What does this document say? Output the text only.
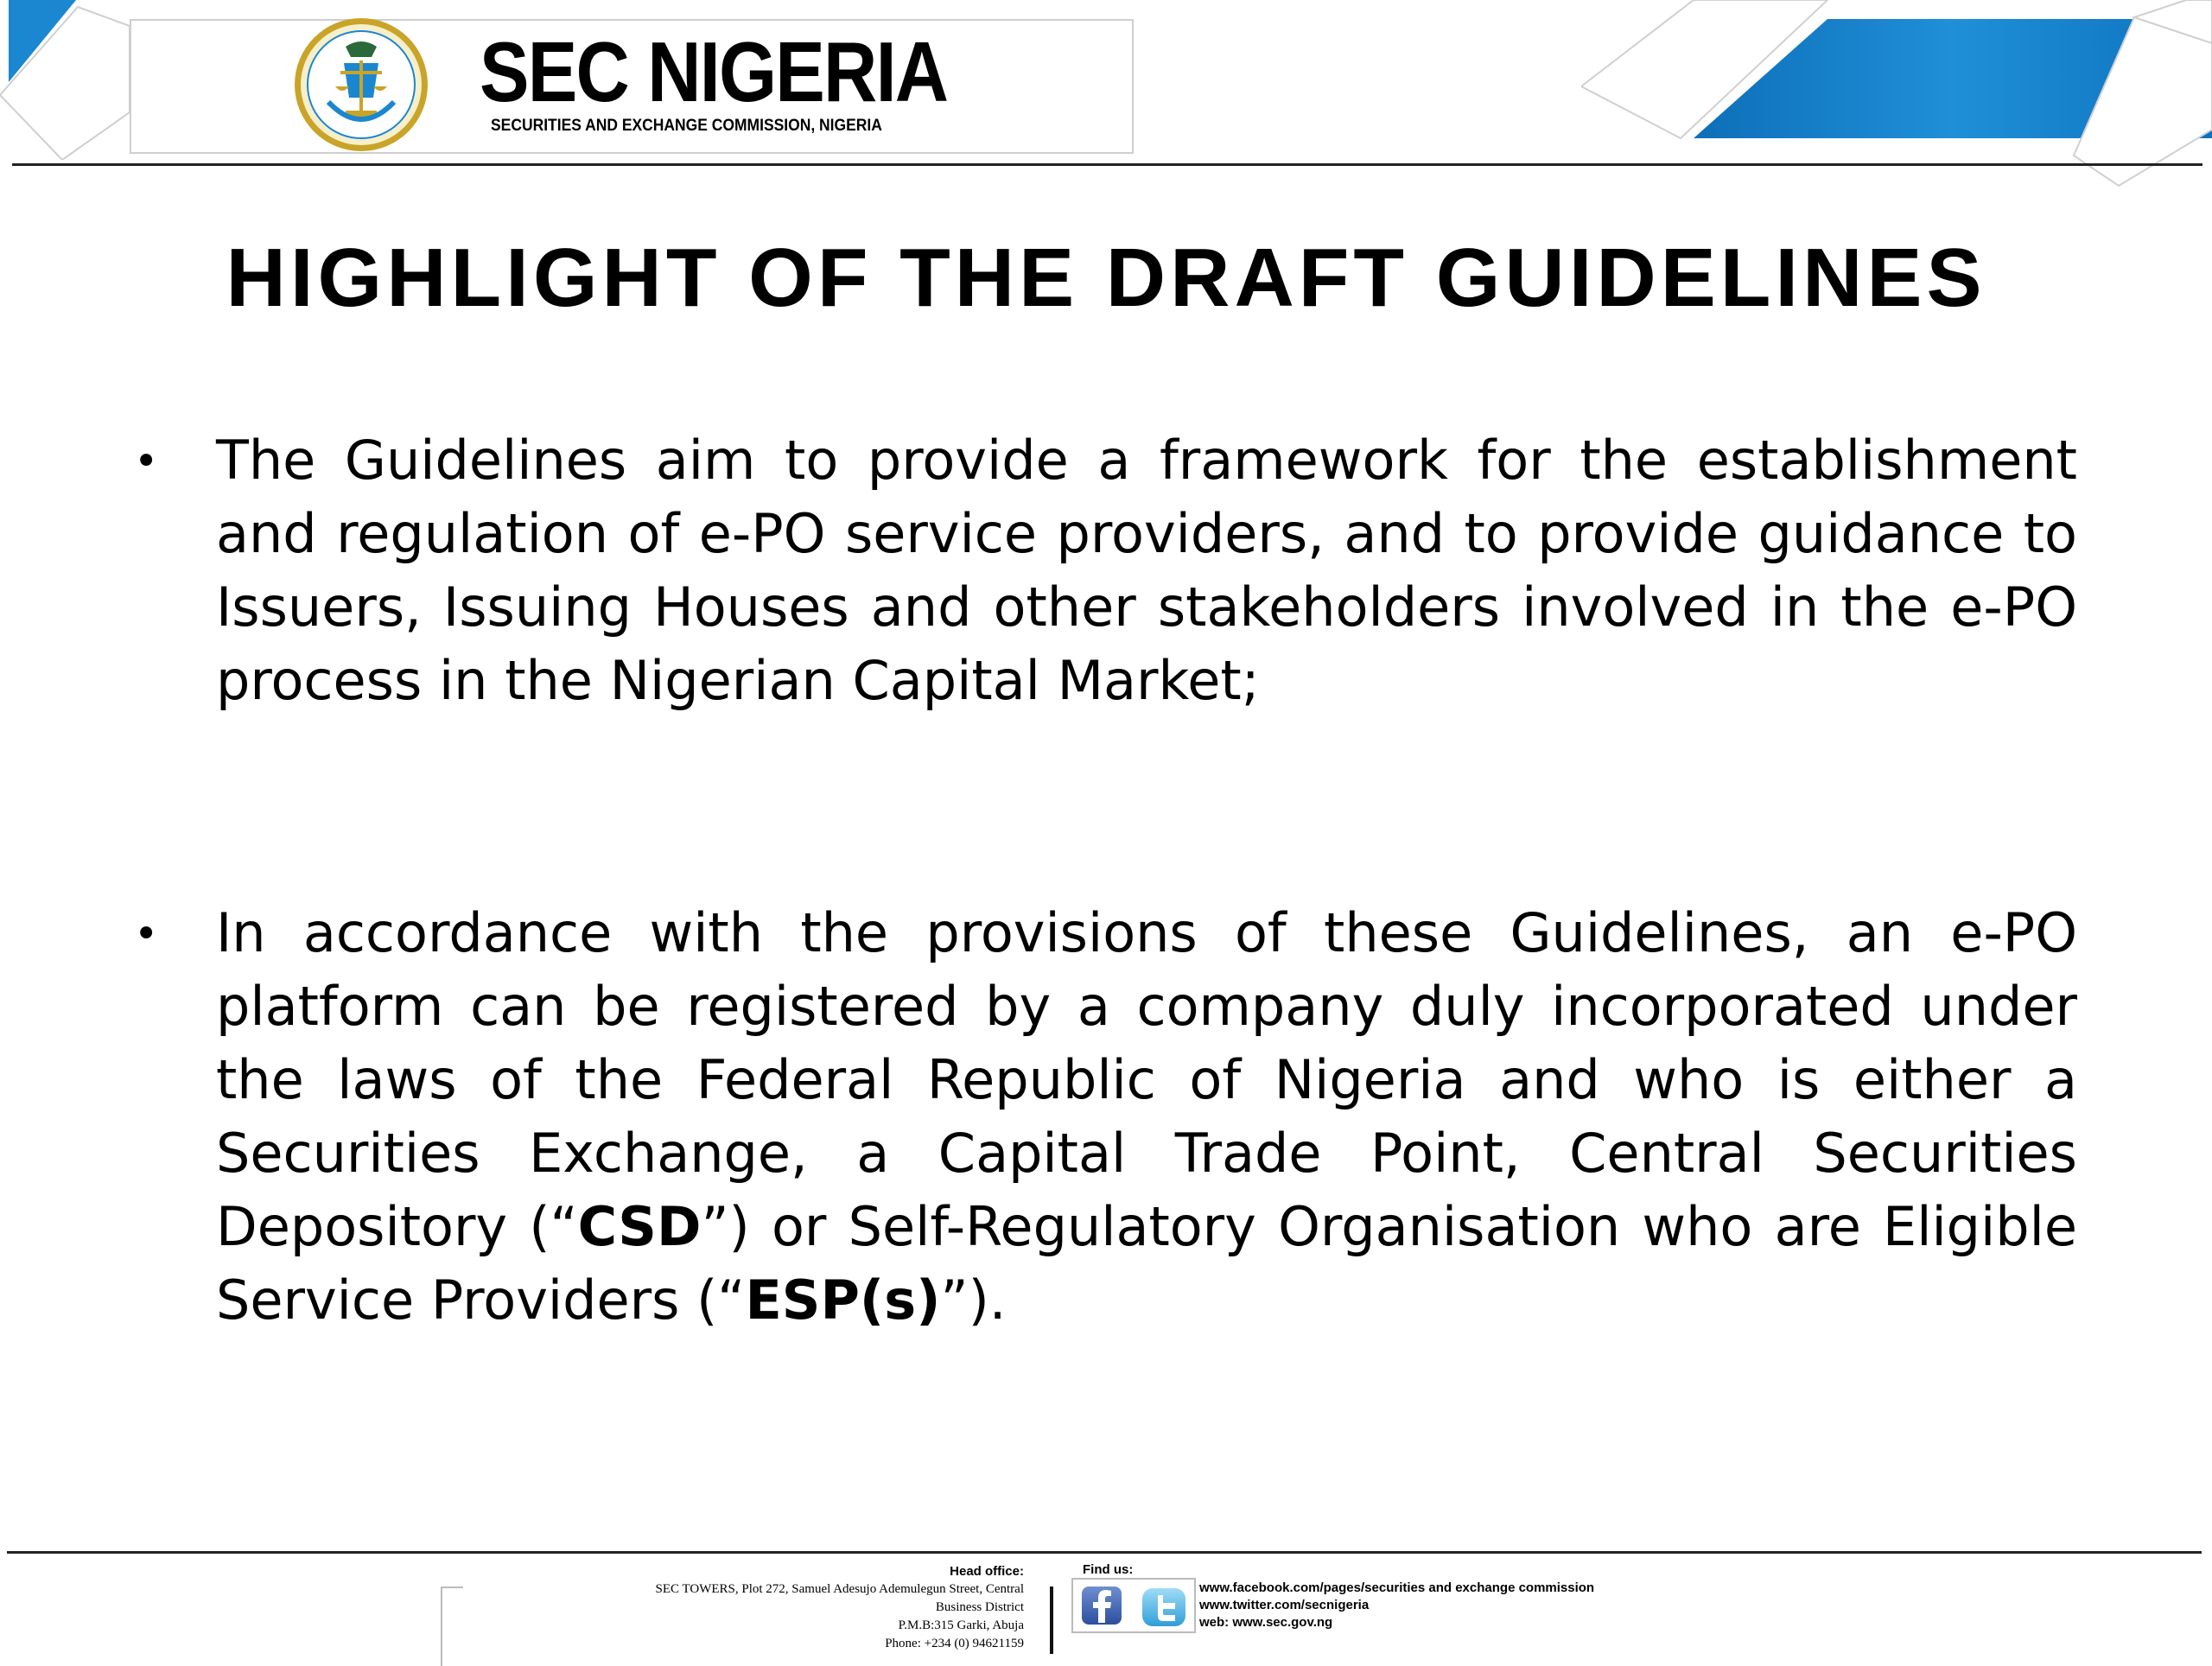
SEC NIGERIA
SECURITIES AND EXCHANGE COMMISSION, NIGERIA
HIGHLIGHT OF THE DRAFT GUIDELINES
• The Guidelines aim to provide a framework for the establishment and regulation of e-PO service providers, and to provide guidance to Issuers, Issuing Houses and other stakeholders involved in the e-PO process in the Nigerian Capital Market;

• In accordance with the provisions of these Guidelines, an e-PO platform can be registered by a company duly incorporated under the laws of the Federal Republic of Nigeria and who is either a Securities Exchange, a Capital Trade Point, Central Securities Depository (“CSD”) or Self-Regulatory Organisation who are Eligible Service Providers (“ESP(s)”).

Head office:
SEC TOWERS, Plot 272, Samuel Adesujo Ademulegun Street, Central
Business District
P.M.B:315 Garki, Abuja
Phone: +234 (0) 94621159
Find us:
www.facebook.com/pages/securities and exchange commission
www.twitter.com/secnigeria
web: www.sec.gov.ng
